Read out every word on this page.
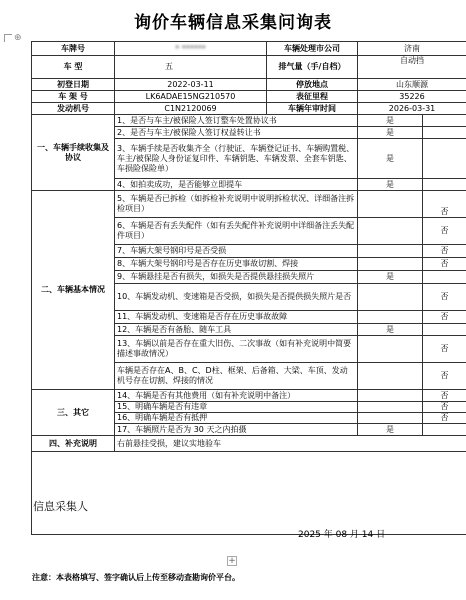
询价车辆信息采集问询表
⊕
车牌号	* ******	车辆处理市公司	济南	
车 型	五	排气量（手/自档）	自动挡	
初登日期	2022-03-11	停放地点	山东顺源	
车 架 号	LK6ADAE15NG210570	表征里程	35226	
发动机号	C1N2120069	车辆年审时间	2026-03-31	
一、车辆手续收集及协议	1、是否与车主/被保险人签订整车处置协议书		是	
	2、是否与车主/被保险人签订权益转让书		是	
	3、车辆手续是否收集齐全（行驶证、车辆登记证书、车辆购置税、车主/被保险人身份证复印件、车辆钥匙、车辆发票、全套车钥匙、车损险保险单）		是	
	4、如拍卖成功，是否能够立即提车		是	
二、车辆基本情况	5、车辆是否已拆检（如拆检补充说明中说明拆检状况、详细备注拆检项目）			否
	6、车辆是否有丢失配件（如有丢失配件补充说明中详细备注丢失配件项目）			否
	7、车辆大架号钢印号是否受损			否
	8、车辆大架号钢印号是否存在历史事故切割、焊接			否
	9、车辆悬挂是否有损失，如损失是否提供悬挂损失照片		是	
	10、车辆发动机、变速箱是否受损，如损失是否提供损失照片是否			否
	11、车辆发动机、变速箱是否存在历史事故故障			否
	12、车辆是否有备胎、随车工具		是	
	13、车辆以前是否存在重大旧伤、二次事故（如有补充说明中简要描述事故情况）			否
	车辆是否存在A、B、C、D柱、框架、后备箱、大梁、车顶、发动机号存在切割、焊接的情况			否
三、其它	14、车辆是否有其他费用（如有补充说明中备注）			否
	15、明确车辆是否有违章			否
	16、明确车辆是否有抵押			否
	17、车辆照片是否为 30 天之内拍摄		是	
四、补充说明	右前悬挂受损，建议实地验车			

信息采集人
2025 年 08 月 14 日
+
注意：本表格填写、签字确认后上传至移动查勘询价平台。
